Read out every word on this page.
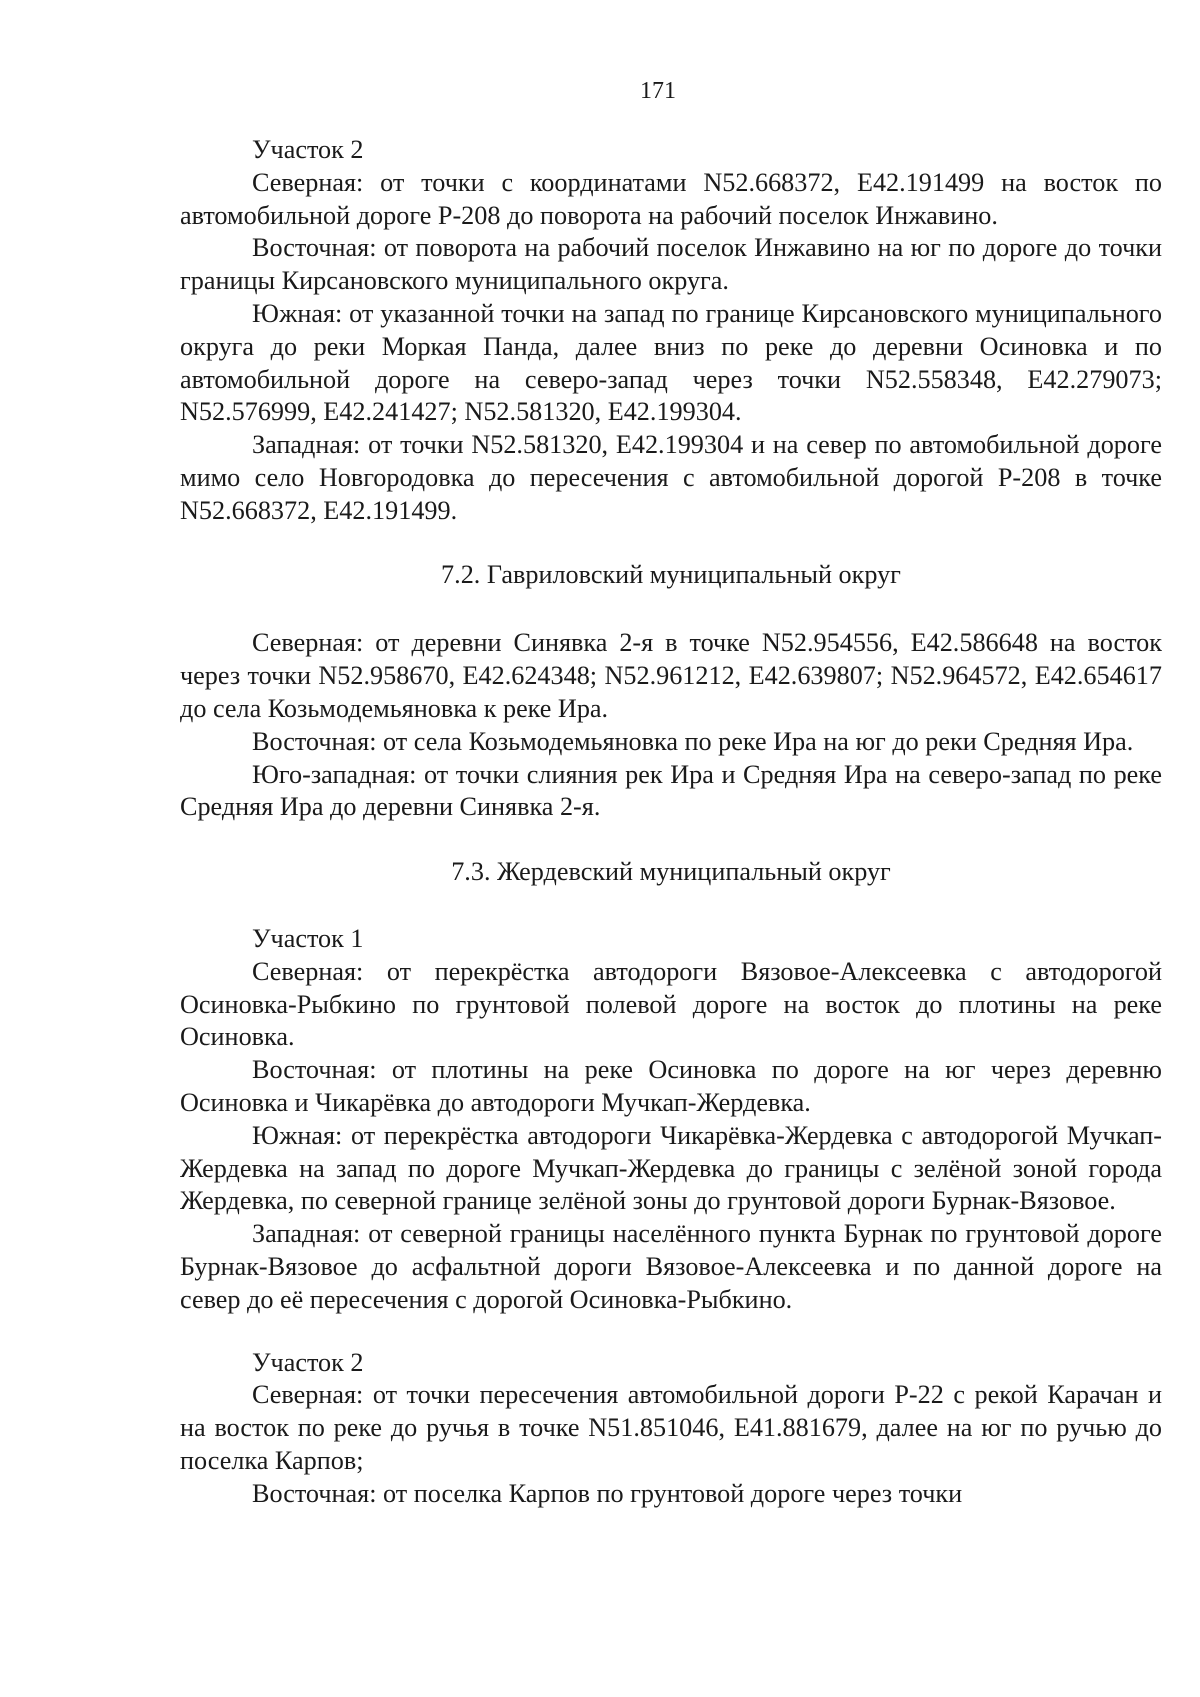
171

Участок 2

Северная: от точки с координатами N52.668372, E42.191499 на восток по автомобильной дороге Р-208 до поворота на рабочий поселок Инжавино.

Восточная: от поворота на рабочий поселок Инжавино на юг по дороге до точки границы Кирсановского муниципального округа.

Южная: от указанной точки на запад по границе Кирсановского муниципального округа до реки Моркая Панда, далее вниз по реке до деревни Осиновка и по автомобильной дороге на северо-запад через точки N52.558348, E42.279073; N52.576999, E42.241427; N52.581320, E42.199304.

Западная: от точки N52.581320, E42.199304 и на север по автомобильной дороге мимо село Новгородовка до пересечения с автомобильной дорогой Р-208 в точке N52.668372, E42.191499.

7.2. Гавриловский муниципальный округ

Северная: от деревни Синявка 2-я в точке N52.954556, E42.586648 на восток через точки N52.958670, E42.624348; N52.961212, E42.639807; N52.964572, E42.654617 до села Козьмодемьяновка к реке Ира.

Восточная: от села Козьмодемьяновка по реке Ира на юг до реки Средняя Ира.

Юго-западная: от точки слияния рек Ира и Средняя Ира на северо-запад по реке Средняя Ира до деревни Синявка 2-я.

7.3. Жердевский муниципальный округ

Участок 1

Северная: от перекрёстка автодороги Вязовое-Алексеевка с автодорогой Осиновка-Рыбкино по грунтовой полевой дороге на восток до плотины на реке Осиновка.

Восточная: от плотины на реке Осиновка по дороге на юг через деревню Осиновка и Чикарёвка до автодороги Мучкап-Жердевка.

Южная: от перекрёстка автодороги Чикарёвка-Жердевка с автодорогой Мучкап-Жердевка на запад по дороге Мучкап-Жердевка до границы с зелёной зоной города Жердевка, по северной границе зелёной зоны до грунтовой дороги Бурнак-Вязовое.

Западная: от северной границы населённого пункта Бурнак по грунтовой дороге Бурнак-Вязовое до асфальтной дороги Вязовое-Алексеевка и по данной дороге на север до её пересечения с дорогой Осиновка-Рыбкино.

Участок 2

Северная: от точки пересечения автомобильной дороги Р-22 с рекой Карачан и на восток по реке до ручья в точке N51.851046, E41.881679, далее на юг по ручью до поселка Карпов;

Восточная: от поселка Карпов по грунтовой дороге через точки
